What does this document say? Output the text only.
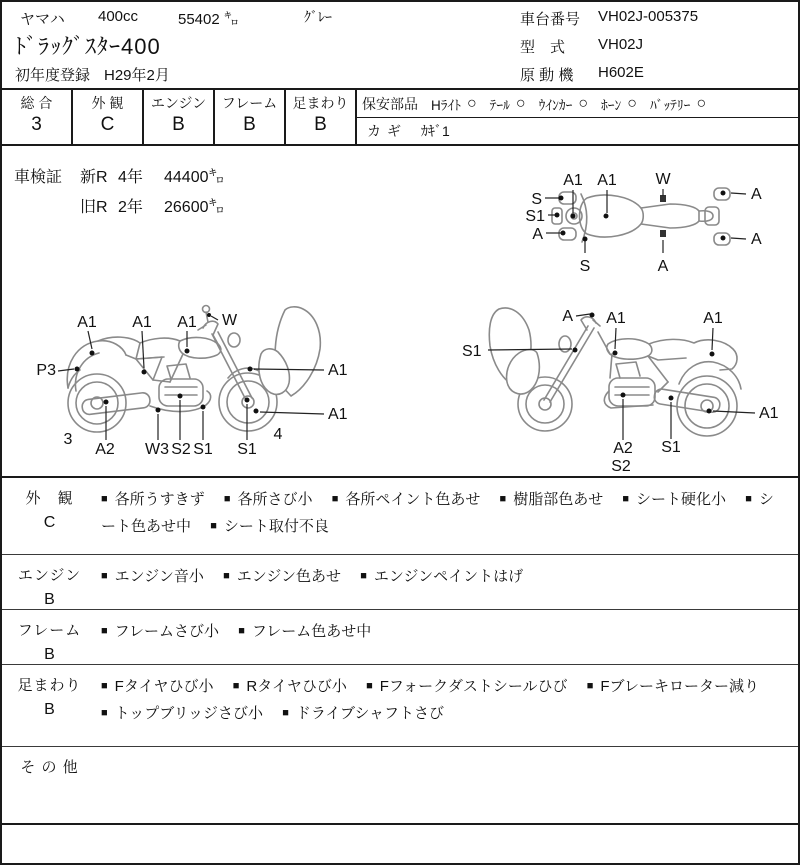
ヤマハ 400cc	55402 ㌔	ｸﾞﾚｰ
ﾄﾞﾗｯｸﾞｽﾀｰ400
初年度登録 H29年2月
車台番号 VH02J-005375
型　式 VH02J
原 動 機 H602E
総 合
3
外 観
C
エンジン
B
フレーム
B
足まわり
B
保安部品 Hﾗｲﾄ ○ ﾃｰﾙ ○ ｳｲﾝｶｰ ○ ﾎｰﾝ ○ ﾊﾞｯﾃﾘｰ ○
カギ ｶｷﾞ1
車検証	新R 4年	44400㌔
旧R 2年	26600㌔
A1 A1 W
S
S1
A
S	A
A
A
A1 A1 A1 W
P3	A1
A1
A2 W3 S2 S1 S1
3	4
A A1	A1
S1
A1
A2
S2
S1
外　観
C
■ 各所うすきず ■ 各所さび小 ■ 各所ペイント色あせ ■ 樹脂部色あせ ■ シート硬化小 ■ シート色あせ中 ■ シート取付不良
エンジン
B
■ エンジン音小 ■ エンジン色あせ ■ エンジンペイントはげ
フレーム
B
■ フレームさび小 ■ フレーム色あせ中
足まわり
B
■ Fタイヤひび小 ■ Rタイヤひび小 ■ Fフォークダストシールひび ■ Fブレーキローター減り ■ トップブリッジさび小 ■ ドライブシャフトさび
そ の 他
